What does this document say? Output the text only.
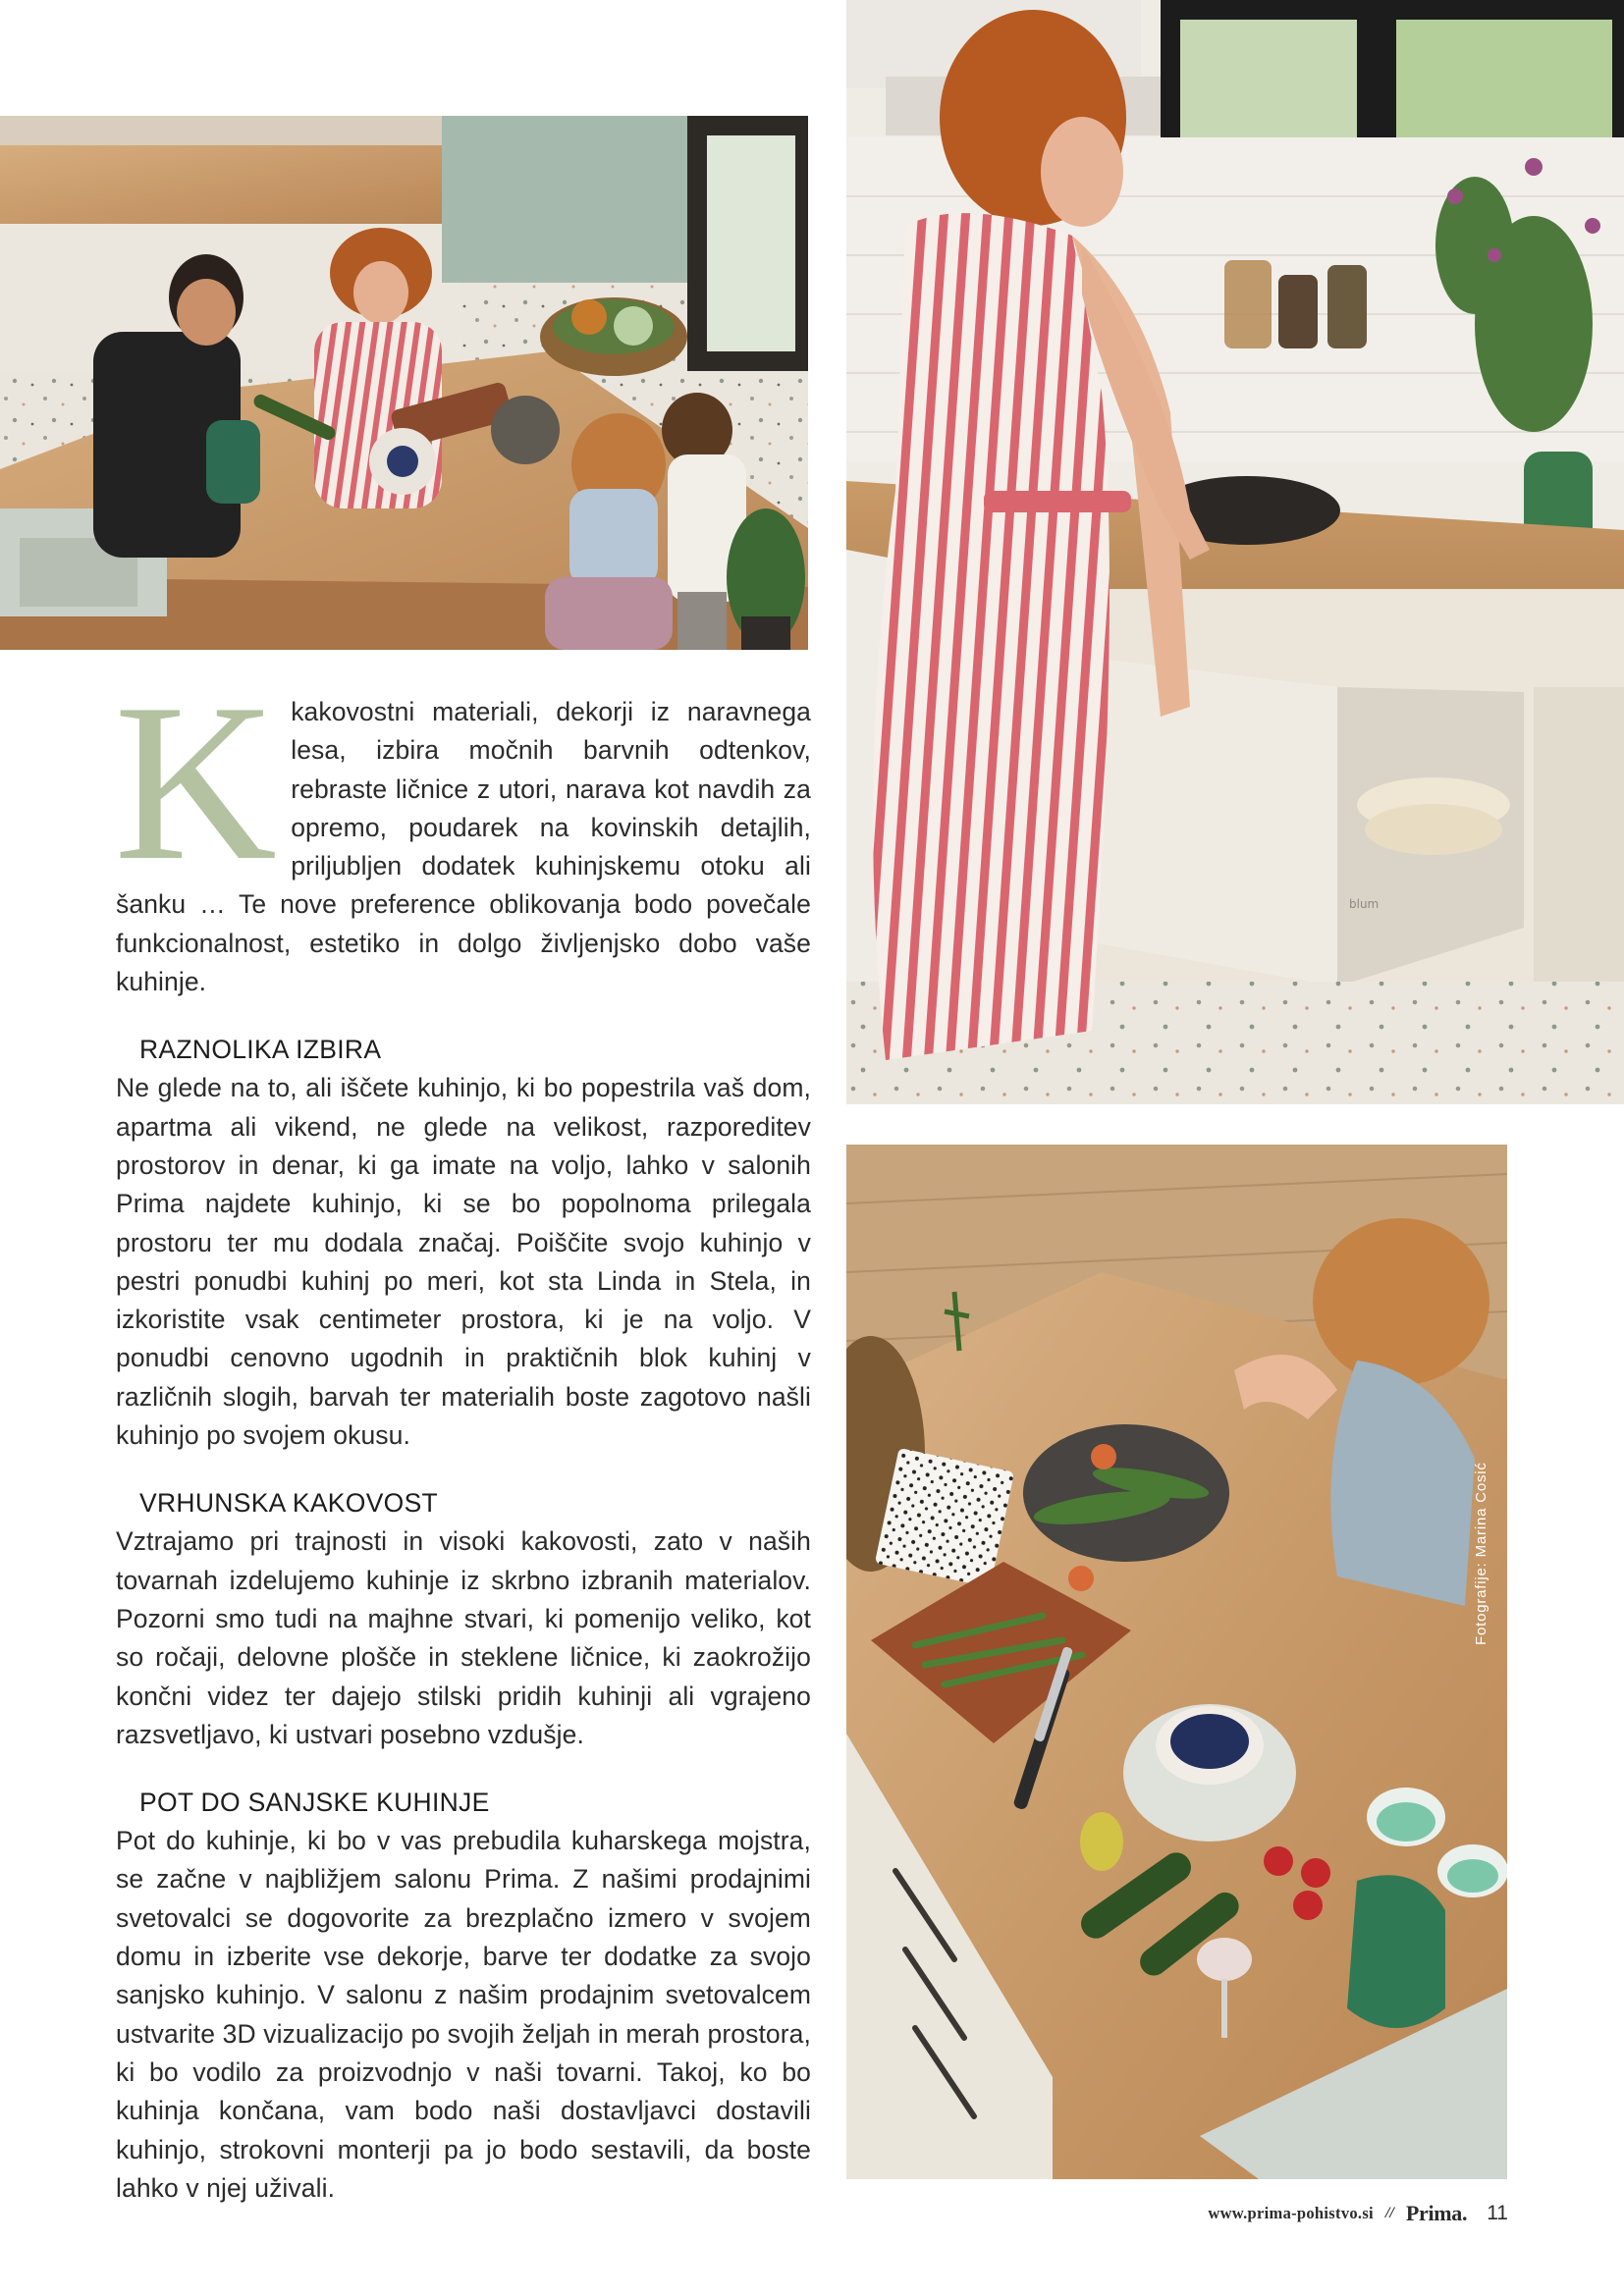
blum
Fotografije: Marina Cosić

Kkakovostni materiali, dekorji iz naravnega lesa, izbira močnih barvnih odtenkov, rebraste ličnice z utori, narava kot navdih za opremo, poudarek na kovinskih detajlih, priljubljen dodatek kuhinjskemu otoku ali šanku … Te nove preference oblikovanja bodo povečale funkcionalnost, estetiko in dolgo življenjsko dobo vaše kuhinje.

RAZNOLIKA IZBIRA

Ne glede na to, ali iščete kuhinjo, ki bo popestrila vaš dom, apartma ali vikend, ne glede na velikost, razporeditev prostorov in denar, ki ga imate na voljo, lahko v salonih Prima najdete kuhinjo, ki se bo popolnoma prilegala prostoru ter mu dodala značaj. Poiščite svojo kuhinjo v pestri ponudbi kuhinj po meri, kot sta Linda in Stela, in izkoristite vsak centimeter prostora, ki je na voljo. V ponudbi cenovno ugodnih in praktičnih blok kuhinj v različnih slogih, barvah ter materialih boste zagotovo našli kuhinjo po svojem okusu.

VRHUNSKA KAKOVOST

Vztrajamo pri trajnosti in visoki kakovosti, zato v naših tovarnah izdelujemo kuhinje iz skrbno izbranih materialov. Pozorni smo tudi na majhne stvari, ki pomenijo veliko, kot so ročaji, delovne plošče in steklene ličnice, ki zaokrožijo končni videz ter dajejo stilski pridih kuhinji ali vgrajeno razsvetljavo, ki ustvari posebno vzdušje.

POT DO SANJSKE KUHINJE

Pot do kuhinje, ki bo v vas prebudila kuharskega mojstra, se začne v najbližjem salonu Prima. Z našimi prodajnimi svetovalci se dogovorite za brezplačno izmero v svojem domu in izberite vse dekorje, barve ter dodatke za svojo sanjsko kuhinjo. V salonu z našim prodajnim svetovalcem ustvarite 3D vizualizacijo po svojih željah in merah prostora, ki bo vodilo za proizvodnjo v naši tovarni. Takoj, ko bo kuhinja končana, vam bodo naši dostavljavci dostavili kuhinjo, strokovni monterji pa jo bodo sestavili, da boste lahko v njej uživali.

www.prima-pohistvo.si // Prima. 11
